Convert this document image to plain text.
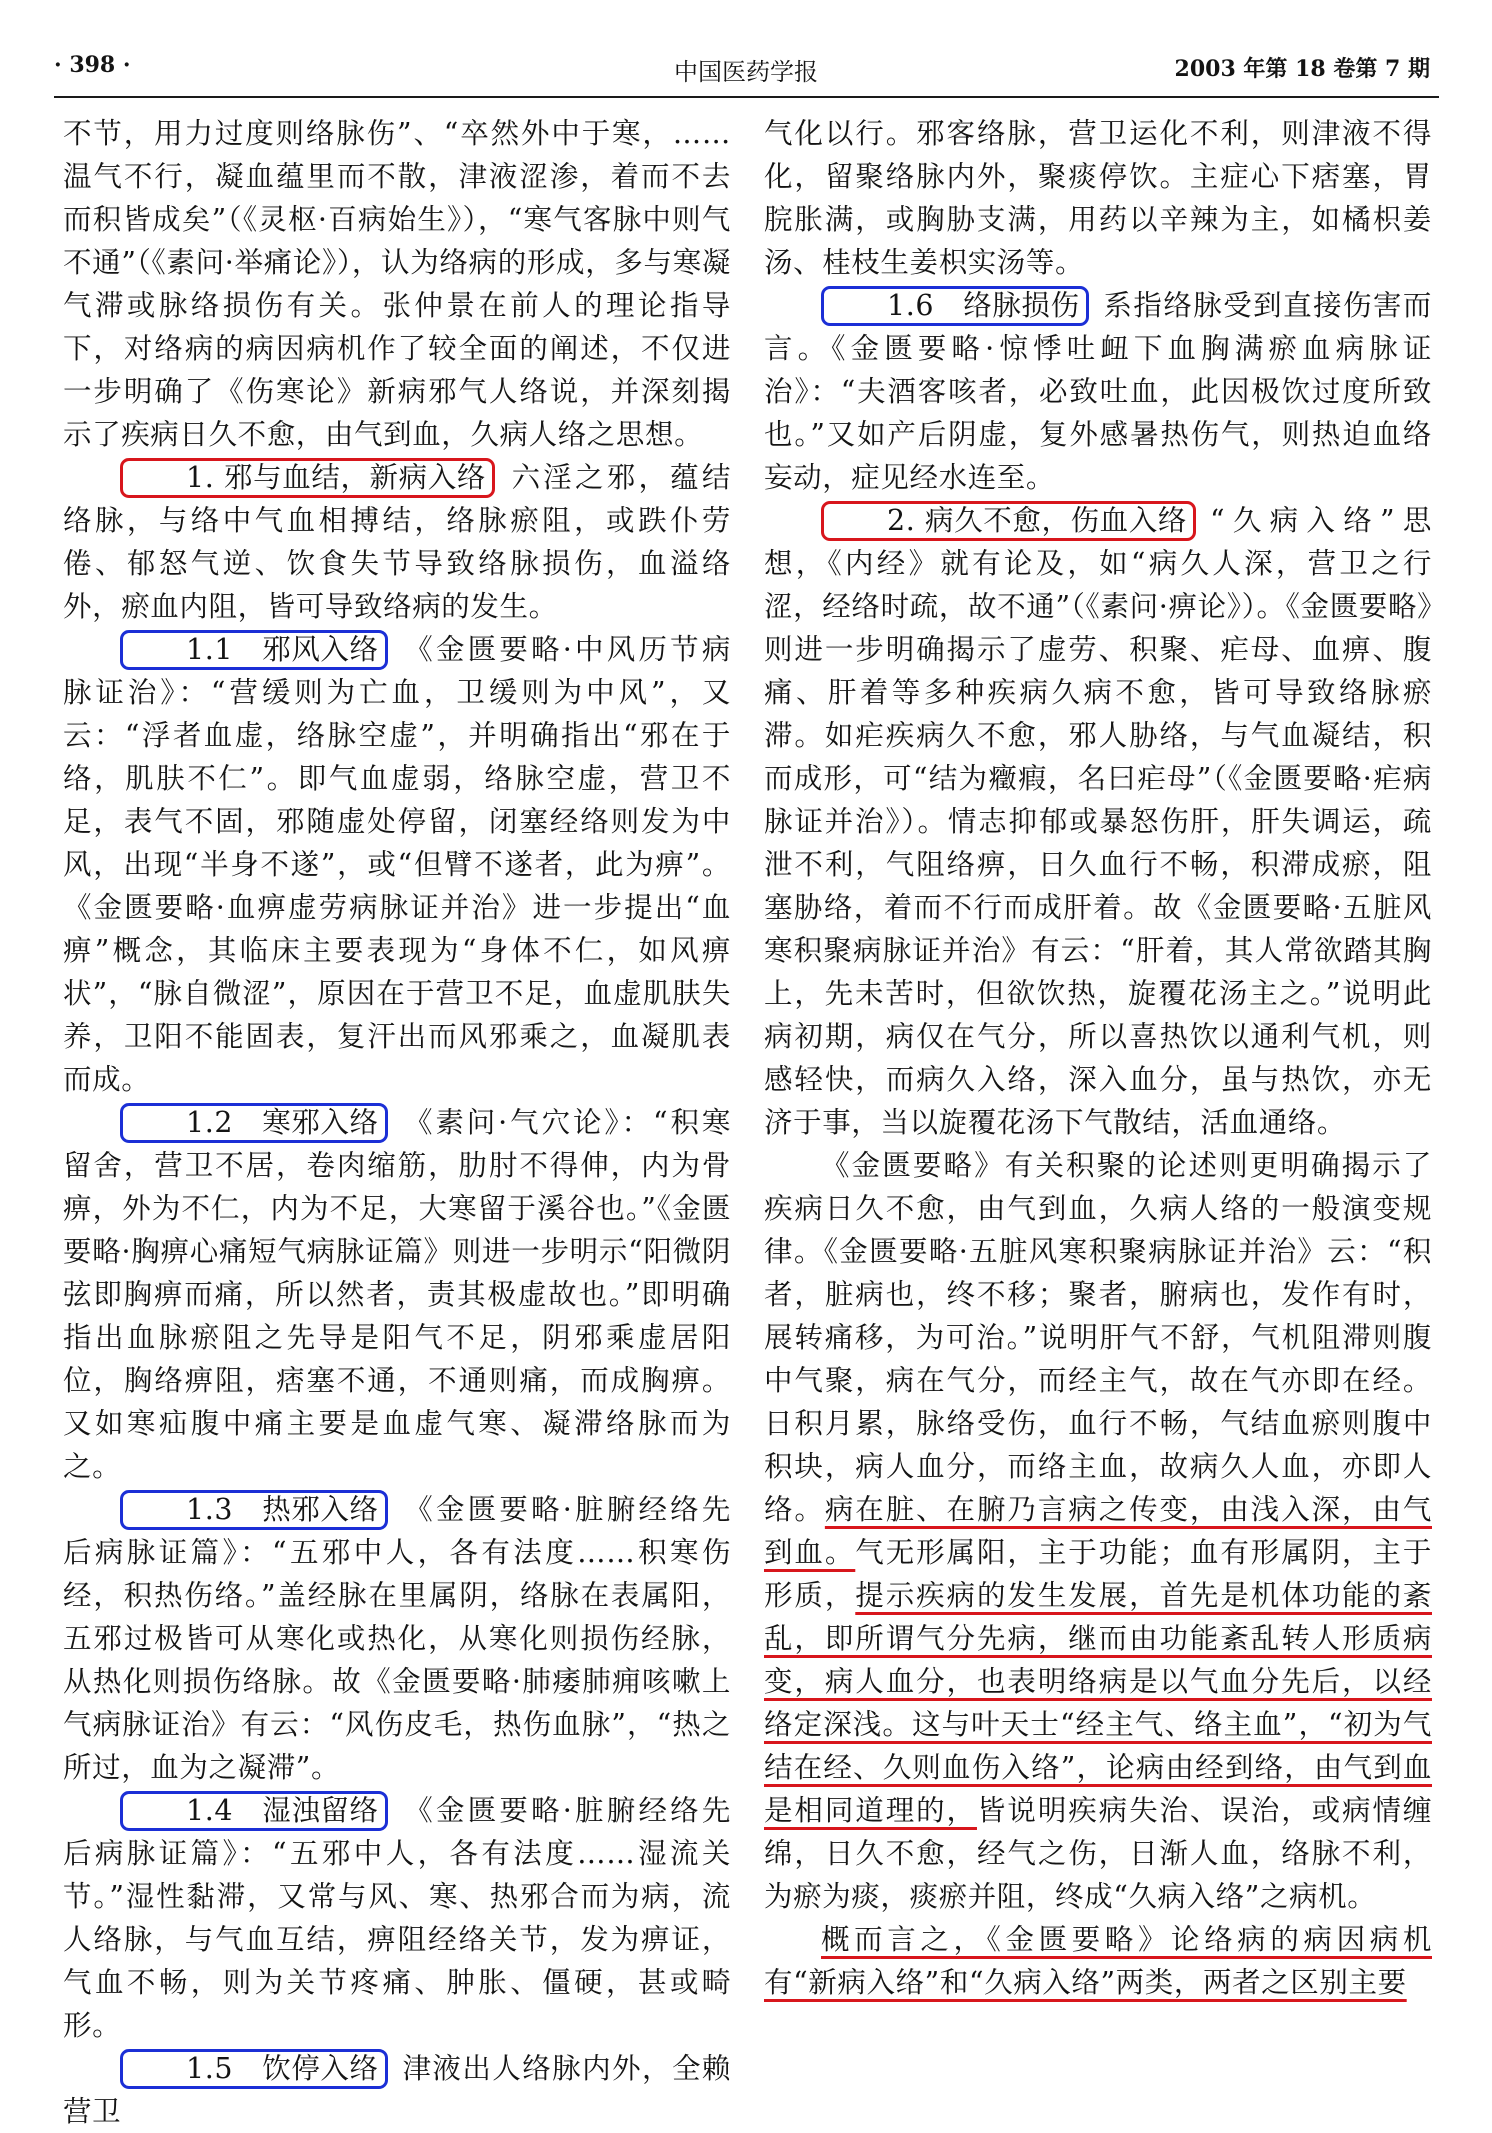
· 398 ·	中国医药学报	2003 年第 18 卷第 7 期

不节，用力过度则络脉伤”、“卒然外中于寒，……温气不行，凝血蕴里而不散，津液涩渗，着而不去而积皆成矣”（《灵枢·百病始生》），“寒气客脉中则气不通”（《素问·举痛论》），认为络病的形成，多与寒凝气滞或脉络损伤有关。张仲景在前人的理论指导下，对络病的病因病机作了较全面的阐述，不仅进一步明确了《伤寒论》新病邪气人络说，并深刻揭示了疾病日久不愈，由气到血，久病人络之思想。

1. 邪与血结，新病入络 六淫之邪，蕴结络脉，与络中气血相搏结，络脉瘀阻，或跌仆劳倦、郁怒气逆、饮食失节导致络脉损伤，血溢络外，瘀血内阻，皆可导致络病的发生。

1.1　邪风入络 《金匮要略·中风历节病脉证治》：“营缓则为亡血，卫缓则为中风”，又云：“浮者血虚，络脉空虚”，并明确指出“邪在于络，肌肤不仁”。即气血虚弱，络脉空虚，营卫不足，表气不固，邪随虚处停留，闭塞经络则发为中风，出现“半身不遂”，或“但臂不遂者，此为痹”。《金匮要略·血痹虚劳病脉证并治》进一步提出“血痹”概念，其临床主要表现为“身体不仁，如风痹状”，“脉自微涩”，原因在于营卫不足，血虚肌肤失养，卫阳不能固表，复汗出而风邪乘之，血凝肌表而成。

1.2　寒邪入络 《素问·气穴论》：“积寒留舍，营卫不居，卷肉缩筋，肋肘不得伸，内为骨痹，外为不仁，内为不足，大寒留于溪谷也。”《金匮要略·胸痹心痛短气病脉证篇》则进一步明示“阳微阴弦即胸痹而痛，所以然者，责其极虚故也。”即明确指出血脉瘀阻之先导是阳气不足，阴邪乘虚居阳位，胸络痹阻，痞塞不通，不通则痛，而成胸痹。又如寒疝腹中痛主要是血虚气寒、凝滞络脉而为之。

1.3　热邪入络 《金匮要略·脏腑经络先后病脉证篇》：“五邪中人，各有法度……积寒伤经，积热伤络。”盖经脉在里属阴，络脉在表属阳，五邪过极皆可从寒化或热化，从寒化则损伤经脉，从热化则损伤络脉。故《金匮要略·肺痿肺痈咳嗽上气病脉证治》有云：“风伤皮毛，热伤血脉”，“热之所过，血为之凝滞”。

1.4　湿浊留络 《金匮要略·脏腑经络先后病脉证篇》：“五邪中人，各有法度……湿流关节。”湿性黏滞，又常与风、寒、热邪合而为病，流人络脉，与气血互结，痹阻经络关节，发为痹证，气血不畅，则为关节疼痛、肿胀、僵硬，甚或畸形。

1.5　饮停入络 津液出人络脉内外，全赖营卫

气化以行。邪客络脉，营卫运化不利，则津液不得化，留聚络脉内外，聚痰停饮。主症心下痞塞，胃脘胀满，或胸胁支满，用药以辛辣为主，如橘枳姜汤、桂枝生姜枳实汤等。

1.6　络脉损伤 系指络脉受到直接伤害而言。《金匮要略·惊悸吐衄下血胸满瘀血病脉证治》：“夫酒客咳者，必致吐血，此因极饮过度所致也。”又如产后阴虚，复外感暑热伤气，则热迫血络妄动，症见经水连至。

2. 病久不愈，伤血入络 “久病入络”思想，《内经》就有论及，如“病久人深，营卫之行涩，经络时疏，故不通”（《素问·痹论》）。《金匮要略》则进一步明确揭示了虚劳、积聚、疟母、血痹、腹痛、肝着等多种疾病久病不愈，皆可导致络脉瘀滞。如疟疾病久不愈，邪人胁络，与气血凝结，积而成形，可“结为癥瘕，名曰疟母”（《金匮要略·疟病脉证并治》）。情志抑郁或暴怒伤肝，肝失调运，疏泄不利，气阻络痹，日久血行不畅，积滞成瘀，阻塞胁络，着而不行而成肝着。故《金匮要略·五脏风寒积聚病脉证并治》有云：“肝着，其人常欲踏其胸上，先未苦时，但欲饮热，旋覆花汤主之。”说明此病初期，病仅在气分，所以喜热饮以通利气机，则感轻快，而病久入络，深入血分，虽与热饮，亦无济于事，当以旋覆花汤下气散结，活血通络。

《金匮要略》有关积聚的论述则更明确揭示了疾病日久不愈，由气到血，久病人络的一般演变规律。《金匮要略·五脏风寒积聚病脉证并治》云：“积者，脏病也，终不移；聚者，腑病也，发作有时，展转痛移，为可治。”说明肝气不舒，气机阻滞则腹中气聚，病在气分，而经主气，故在气亦即在经。日积月累，脉络受伤，血行不畅，气结血瘀则腹中积块，病人血分，而络主血，故病久人血，亦即人络。病在脏、在腑乃言病之传变，由浅入深，由气到血。气无形属阳，主于功能；血有形属阴，主于形质，提示疾病的发生发展，首先是机体功能的紊乱，即所谓气分先病，继而由功能紊乱转人形质病变，病人血分，也表明络病是以气血分先后，以经络定深浅。这与叶天士“经主气、络主血”，“初为气结在经、久则血伤入络”，论病由经到络，由气到血是相同道理的，皆说明疾病失治、误治，或病情缠绵，日久不愈，经气之伤，日渐人血，络脉不利，为瘀为痰，痰瘀并阻，终成“久病入络”之病机。

概而言之，《金匮要略》论络病的病因病机有“新病入络”和“久病入络”两类，两者之区别主要
